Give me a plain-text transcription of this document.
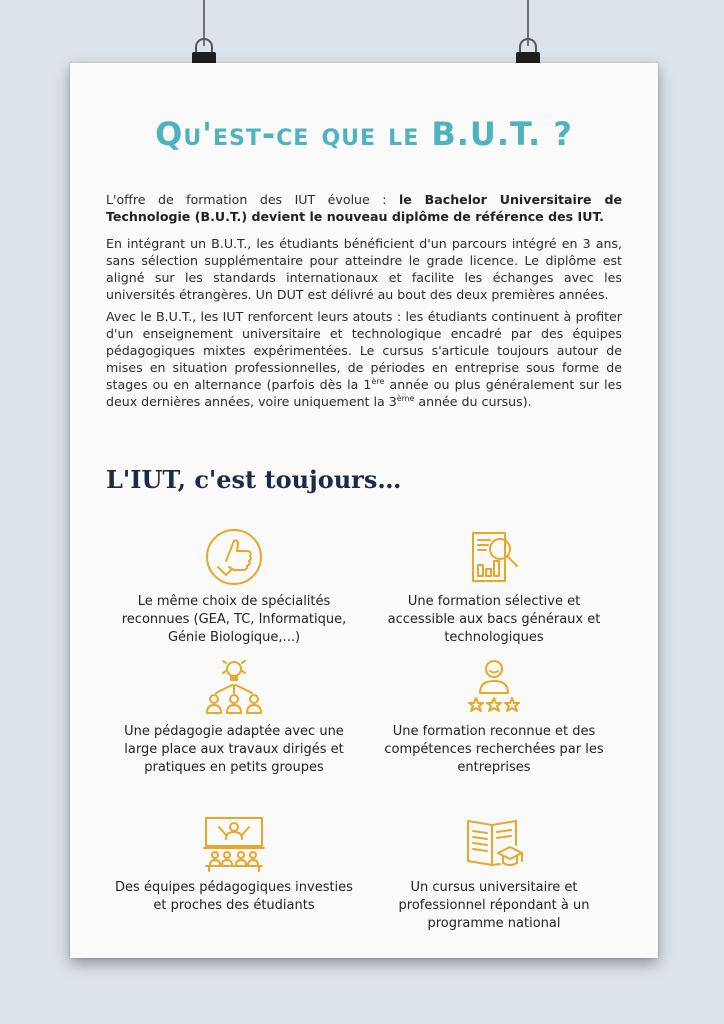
Qu'est-ce que le B.U.T. ?

L'offre de formation des IUT évolue : le Bachelor Universitaire de Technologie (B.U.T.) devient le nouveau diplôme de référence des IUT.

En intégrant un B.U.T., les étudiants bénéficient d'un parcours intégré en 3 ans, sans sélection supplémentaire pour atteindre le grade licence. Le diplôme est aligné sur les standards internationaux et facilite les échanges avec les universités étrangères. Un DUT est délivré au bout des deux premières années.

Avec le B.U.T., les IUT renforcent leurs atouts : les étudiants continuent à profiter d'un enseignement universitaire et technologique encadré par des équipes pédagogiques mixtes expérimentées. Le cursus s'articule toujours autour de mises en situation professionnelles, de périodes en entreprise sous forme de stages ou en alternance (parfois dès la 1ère année ou plus généralement sur les deux dernières années, voire uniquement la 3ème année du cursus).

L'IUT, c'est toujours…
Le même choix de spécialités reconnues (GEA, TC, Informatique, Génie Biologique,...)
Une formation sélective et accessible aux bacs généraux et technologiques
Une pédagogie adaptée avec une large place aux travaux dirigés et pratiques en petits groupes
Une formation reconnue et des compétences recherchées par les entreprises
Des équipes pédagogiques investies et proches des étudiants
Un cursus universitaire et professionnel répondant à un programme national
